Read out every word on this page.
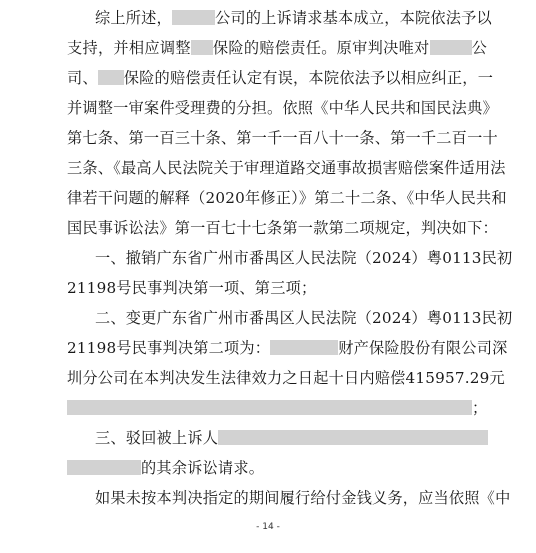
综上所述，	公司的上诉请求基本成立，本院依法予以
支持，并相应调整 保险的赔偿责任。原审判决唯对	公
司、 保险的赔偿责任认定有误，本院依法予以相应纠正，一
并调整一审案件受理费的分担。依照《中华人民共和国民法典》
第七条、第一百三十条、第一千一百八十一条、第一千二百一十
三条、《最高人民法院关于审理道路交通事故损害赔偿案件适用法
律若干问题的解释（2020年修正）》第二十二条、《中华人民共和
国民事诉讼法》第一百七十七条第一款第二项规定，判决如下：
一、撤销广东省广州市番禺区人民法院（2024）粤0113民初
21198号民事判决第一项、第三项；
二、变更广东省广州市番禺区人民法院（2024）粤0113民初
21198号民事判决第二项为：	财产保险股份有限公司深
圳分公司在本判决发生法律效力之日起十日内赔偿415957.29元
；
三、驳回被上诉人
的其余诉讼请求。
如果未按本判决指定的期间履行给付金钱义务，应当依照《中
- 14 -
